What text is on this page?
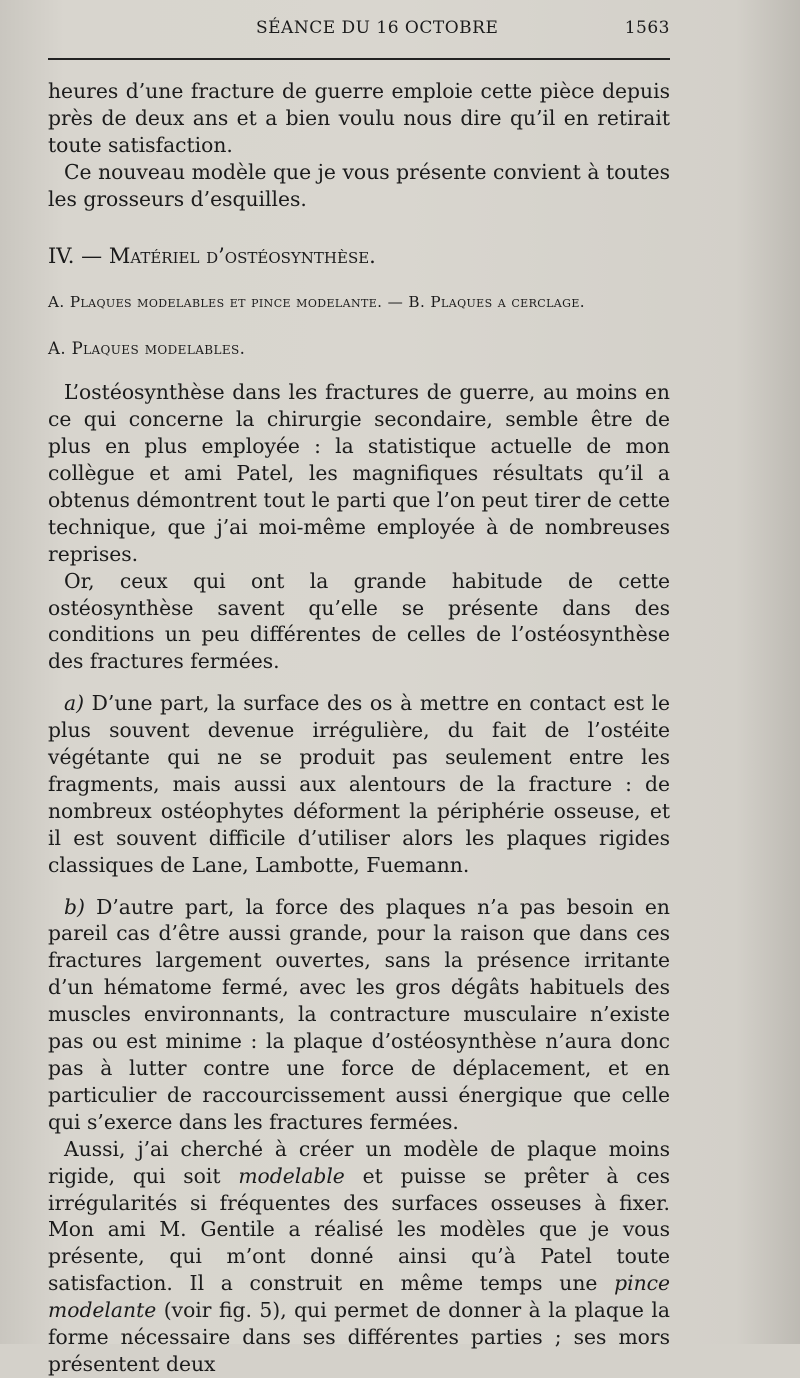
SÉANCE DU 16 OCTOBRE	1563

heures d’une fracture de guerre emploie cette pièce depuis près de deux ans et a bien voulu nous dire qu’il en retirait toute satisfaction.

Ce nouveau modèle que je vous présente convient à toutes les grosseurs d’esquilles.

IV. — Matériel d’ostéosynthèse.

A. Plaques modelables et pince modelante. — B. Plaques a cerclage.

A. Plaques modelables.

L’ostéosynthèse dans les fractures de guerre, au moins en ce qui concerne la chirurgie secondaire, semble être de plus en plus employée : la statistique actuelle de mon collègue et ami Patel, les magnifiques résultats qu’il a obtenus démontrent tout le parti que l’on peut tirer de cette technique, que j’ai moi-même employée à de nombreuses reprises.

Or, ceux qui ont la grande habitude de cette ostéosynthèse savent qu’elle se présente dans des conditions un peu différentes de celles de l’ostéosynthèse des fractures fermées.

a) D’une part, la surface des os à mettre en contact est le plus souvent devenue irrégulière, du fait de l’ostéite végétante qui ne se produit pas seulement entre les fragments, mais aussi aux alentours de la fracture : de nombreux ostéophytes déforment la périphérie osseuse, et il est souvent difficile d’utiliser alors les plaques rigides classiques de Lane, Lambotte, Fuemann.

b) D’autre part, la force des plaques n’a pas besoin en pareil cas d’être aussi grande, pour la raison que dans ces fractures largement ouvertes, sans la présence irritante d’un hématome fermé, avec les gros dégâts habituels des muscles environnants, la contracture musculaire n’existe pas ou est minime : la plaque d’ostéosynthèse n’aura donc pas à lutter contre une force de déplacement, et en particulier de raccourcissement aussi énergique que celle qui s’exerce dans les fractures fermées.

Aussi, j’ai cherché à créer un modèle de plaque moins rigide, qui soit modelable et puisse se prêter à ces irrégularités si fréquentes des surfaces osseuses à fixer. Mon ami M. Gentile a réalisé les modèles que je vous présente, qui m’ont donné ainsi qu’à Patel toute satisfaction. Il a construit en même temps une pince modelante (voir fig. 5), qui permet de donner à la plaque la forme nécessaire dans ses différentes parties ; ses mors présentent deux
